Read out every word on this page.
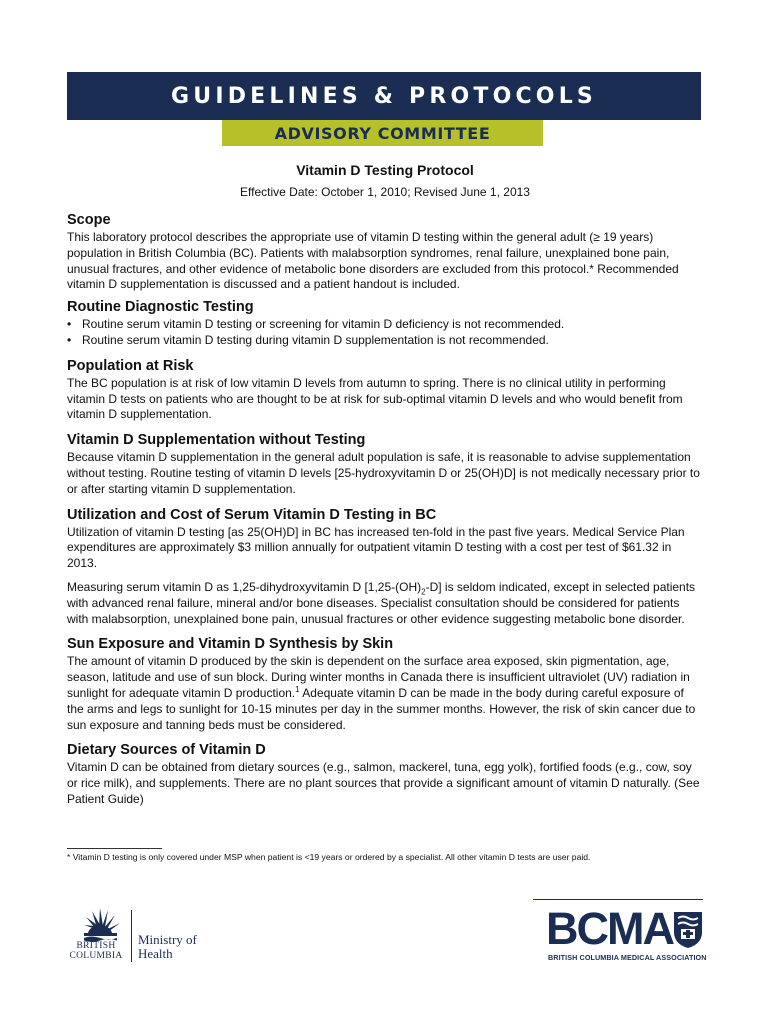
GUIDELINES & PROTOCOLS
ADVISORY COMMITTEE
Vitamin D Testing Protocol

Effective Date: October 1, 2010; Revised June 1, 2013

Scope

This laboratory protocol describes the appropriate use of vitamin D testing within the general adult (≥ 19 years) population in British Columbia (BC). Patients with malabsorption syndromes, renal failure, unexplained bone pain, unusual fractures, and other evidence of metabolic bone disorders are excluded from this protocol.* Recommended vitamin D supplementation is discussed and a patient handout is included.

Routine Diagnostic Testing
• Routine serum vitamin D testing or screening for vitamin D deficiency is not recommended.
• Routine serum vitamin D testing during vitamin D supplementation is not recommended.
Population at Risk

The BC population is at risk of low vitamin D levels from autumn to spring. There is no clinical utility in performing vitamin D tests on patients who are thought to be at risk for sub-optimal vitamin D levels and who would benefit from vitamin D supplementation.

Vitamin D Supplementation without Testing

Because vitamin D supplementation in the general adult population is safe, it is reasonable to advise supplementation without testing. Routine testing of vitamin D levels [25-hydroxyvitamin D or 25(OH)D] is not medically necessary prior to or after starting vitamin D supplementation.

Utilization and Cost of Serum Vitamin D Testing in BC

Utilization of vitamin D testing [as 25(OH)D] in BC has increased ten-fold in the past five years. Medical Service Plan expenditures are approximately $3 million annually for outpatient vitamin D testing with a cost per test of $61.32 in 2013.

Measuring serum vitamin D as 1,25-dihydroxyvitamin D $[1,25-(OH)_2-D]$ is seldom indicated, except in selected patients with advanced renal failure, mineral and/or bone diseases. Specialist consultation should be considered for patients with malabsorption, unexplained bone pain, unusual fractures or other evidence suggesting metabolic bone disorder.

Sun Exposure and Vitamin D Synthesis by Skin

The amount of vitamin D produced by the skin is dependent on the surface area exposed, skin pigmentation, age, season, latitude and use of sun block. During winter months in Canada there is insufficient ultraviolet (UV) radiation in sunlight for adequate vitamin D production.$^1$ Adequate vitamin D can be made in the body during careful exposure of the arms and legs to sunlight for 10-15 minutes per day in the summer months. However, the risk of skin cancer due to sun exposure and tanning beds must be considered.

Dietary Sources of Vitamin D

Vitamin D can be obtained from dietary sources (e.g., salmon, mackerel, tuna, egg yolk), fortified foods (e.g., cow, soy or rice milk), and supplements. There are no plant sources that provide a significant amount of vitamin D naturally. (See Patient Guide)

* Vitamin D testing is only covered under MSP when patient is <19 years or ordered by a specialist. All other vitamin D tests are user paid.
BRITISH
COLUMBIA
Ministry of
Health	BCMA
BRITISH COLUMBIA MEDICAL ASSOCIATION
